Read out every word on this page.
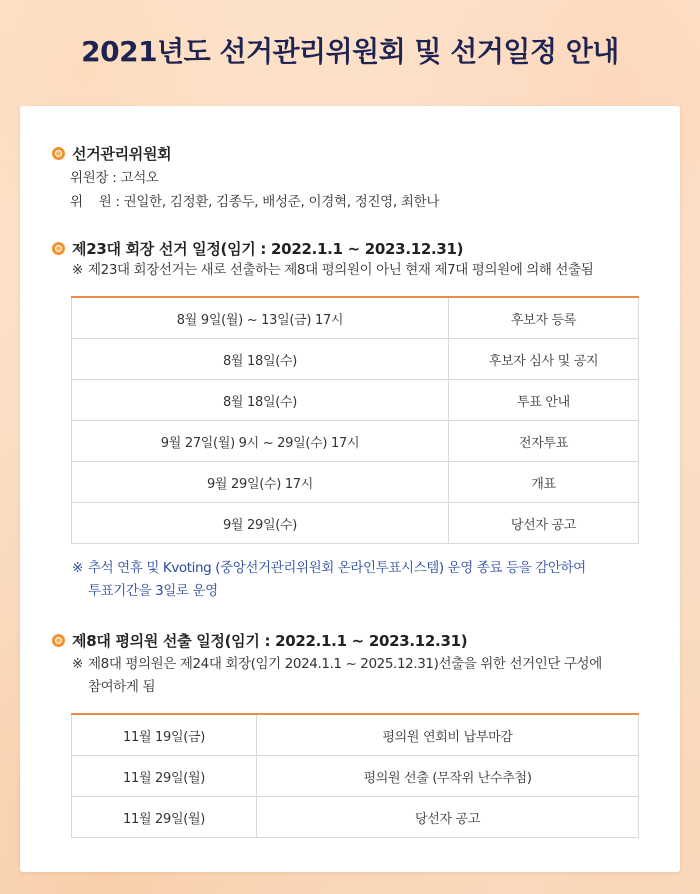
2021년도 선거관리위원회 및 선거일정 안내
선거관리위원회
위원장 : 고석오
위    원 : 권일한, 김정환, 김종두, 배성준, 이경혁, 정진영, 최한나
제23대 회장 선거 일정(임기 : 2022.1.1 ~ 2023.12.31)
※ 제23대 회장선거는 새로 선출하는 제8대 평의원이 아닌 현재 제7대 평의원에 의해 선출됨
8월 9일(월) ~ 13일(금) 17시	후보자 등록
8월 18일(수)	후보자 심사 및 공지
8월 18일(수)	투표 안내
9월 27일(월) 9시 ~ 29일(수) 17시	전자투표
9월 29일(수) 17시	개표
9월 29일(수)	당선자 공고
※ 추석 연휴 및 Kvoting (중앙선거관리위원회 온라인투표시스템) 운영 종료 등을 감안하여
투표기간을 3일로 운영
제8대 평의원 선출 일정(임기 : 2022.1.1 ~ 2023.12.31)
※ 제8대 평의원은 제24대 회장(임기 2024.1.1 ~ 2025.12.31)선출을 위한 선거인단 구성에
참여하게 됨
11월 19일(금)	평의원 연회비 납부마감
11월 29일(월)	평의원 선출 (무작위 난수추첨)
11월 29일(월)	당선자 공고
